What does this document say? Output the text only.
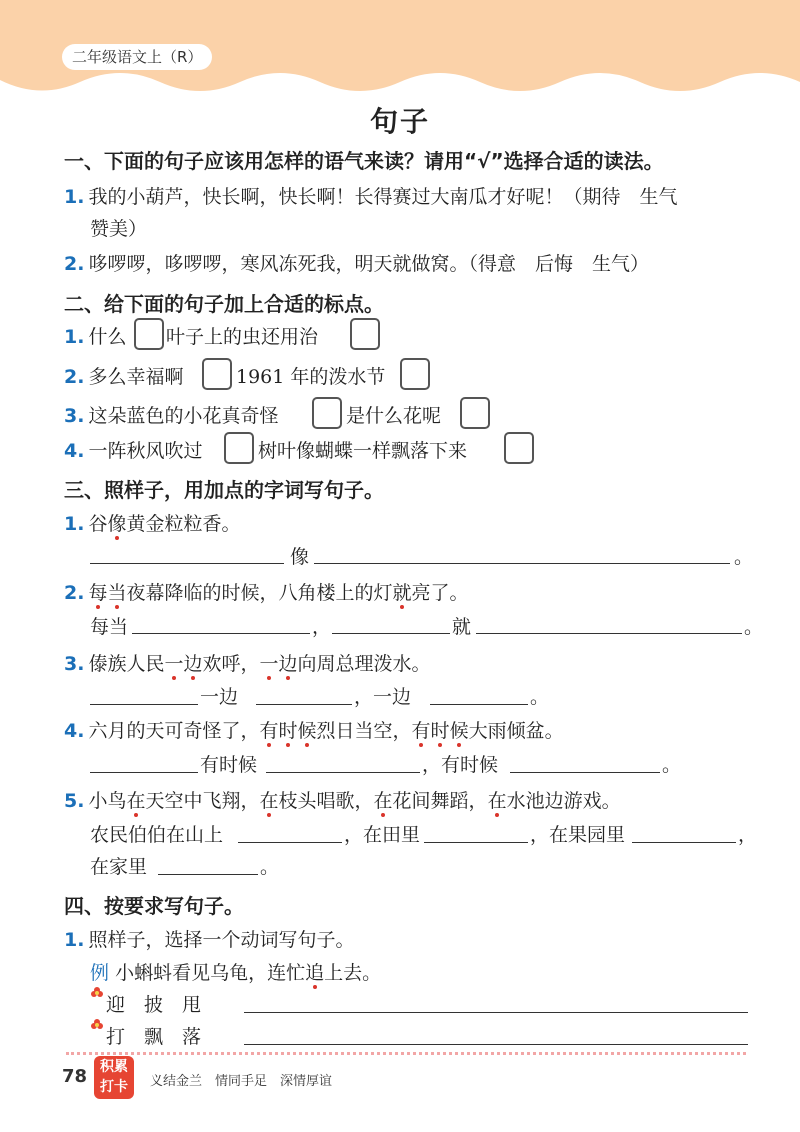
二年级语文上（R）
句子
一、下面的句子应该用怎样的语气来读？请用“√”选择合适的读法。
1. 我的小葫芦，快长啊，快长啊！长得赛过大南瓜才好呢！（期待　生气
赞美）
2. 哆啰啰，哆啰啰，寒风冻死我，明天就做窝。（得意　后悔　生气）
二、给下面的句子加上合适的标点。
1. 什么 叶子上的虫还用治
2. 多么幸福啊	1961 年的泼水节
3. 这朵蓝色的小花真奇怪	是什么花呢
4. 一阵秋风吹过	树叶像蝴蝶一样飘落下来
三、照样子，用加点的字词写句子。
1. 谷像黄金粒粒香。
像	。
2. 每当夜幕降临的时候，八角楼上的灯就亮了。
每当	，	就	。
3. 傣族人民一边欢呼，一边向周总理泼水。
一边	，一边	。
4. 六月的天可奇怪了，有时候烈日当空，有时候大雨倾盆。
有时候	，有时候	。
5. 小鸟在天空中飞翔，在枝头唱歌，在花间舞蹈，在水池边游戏。
农民伯伯在山上	，在田里	，在果园里	，
在家里	。
四、按要求写句子。
1. 照样子，选择一个动词写句子。
例 小蝌蚪看见乌龟，连忙追上去。
迎　披　甩
打　飘　落
78 积累
打卡	义结金兰　情同手足　深情厚谊
